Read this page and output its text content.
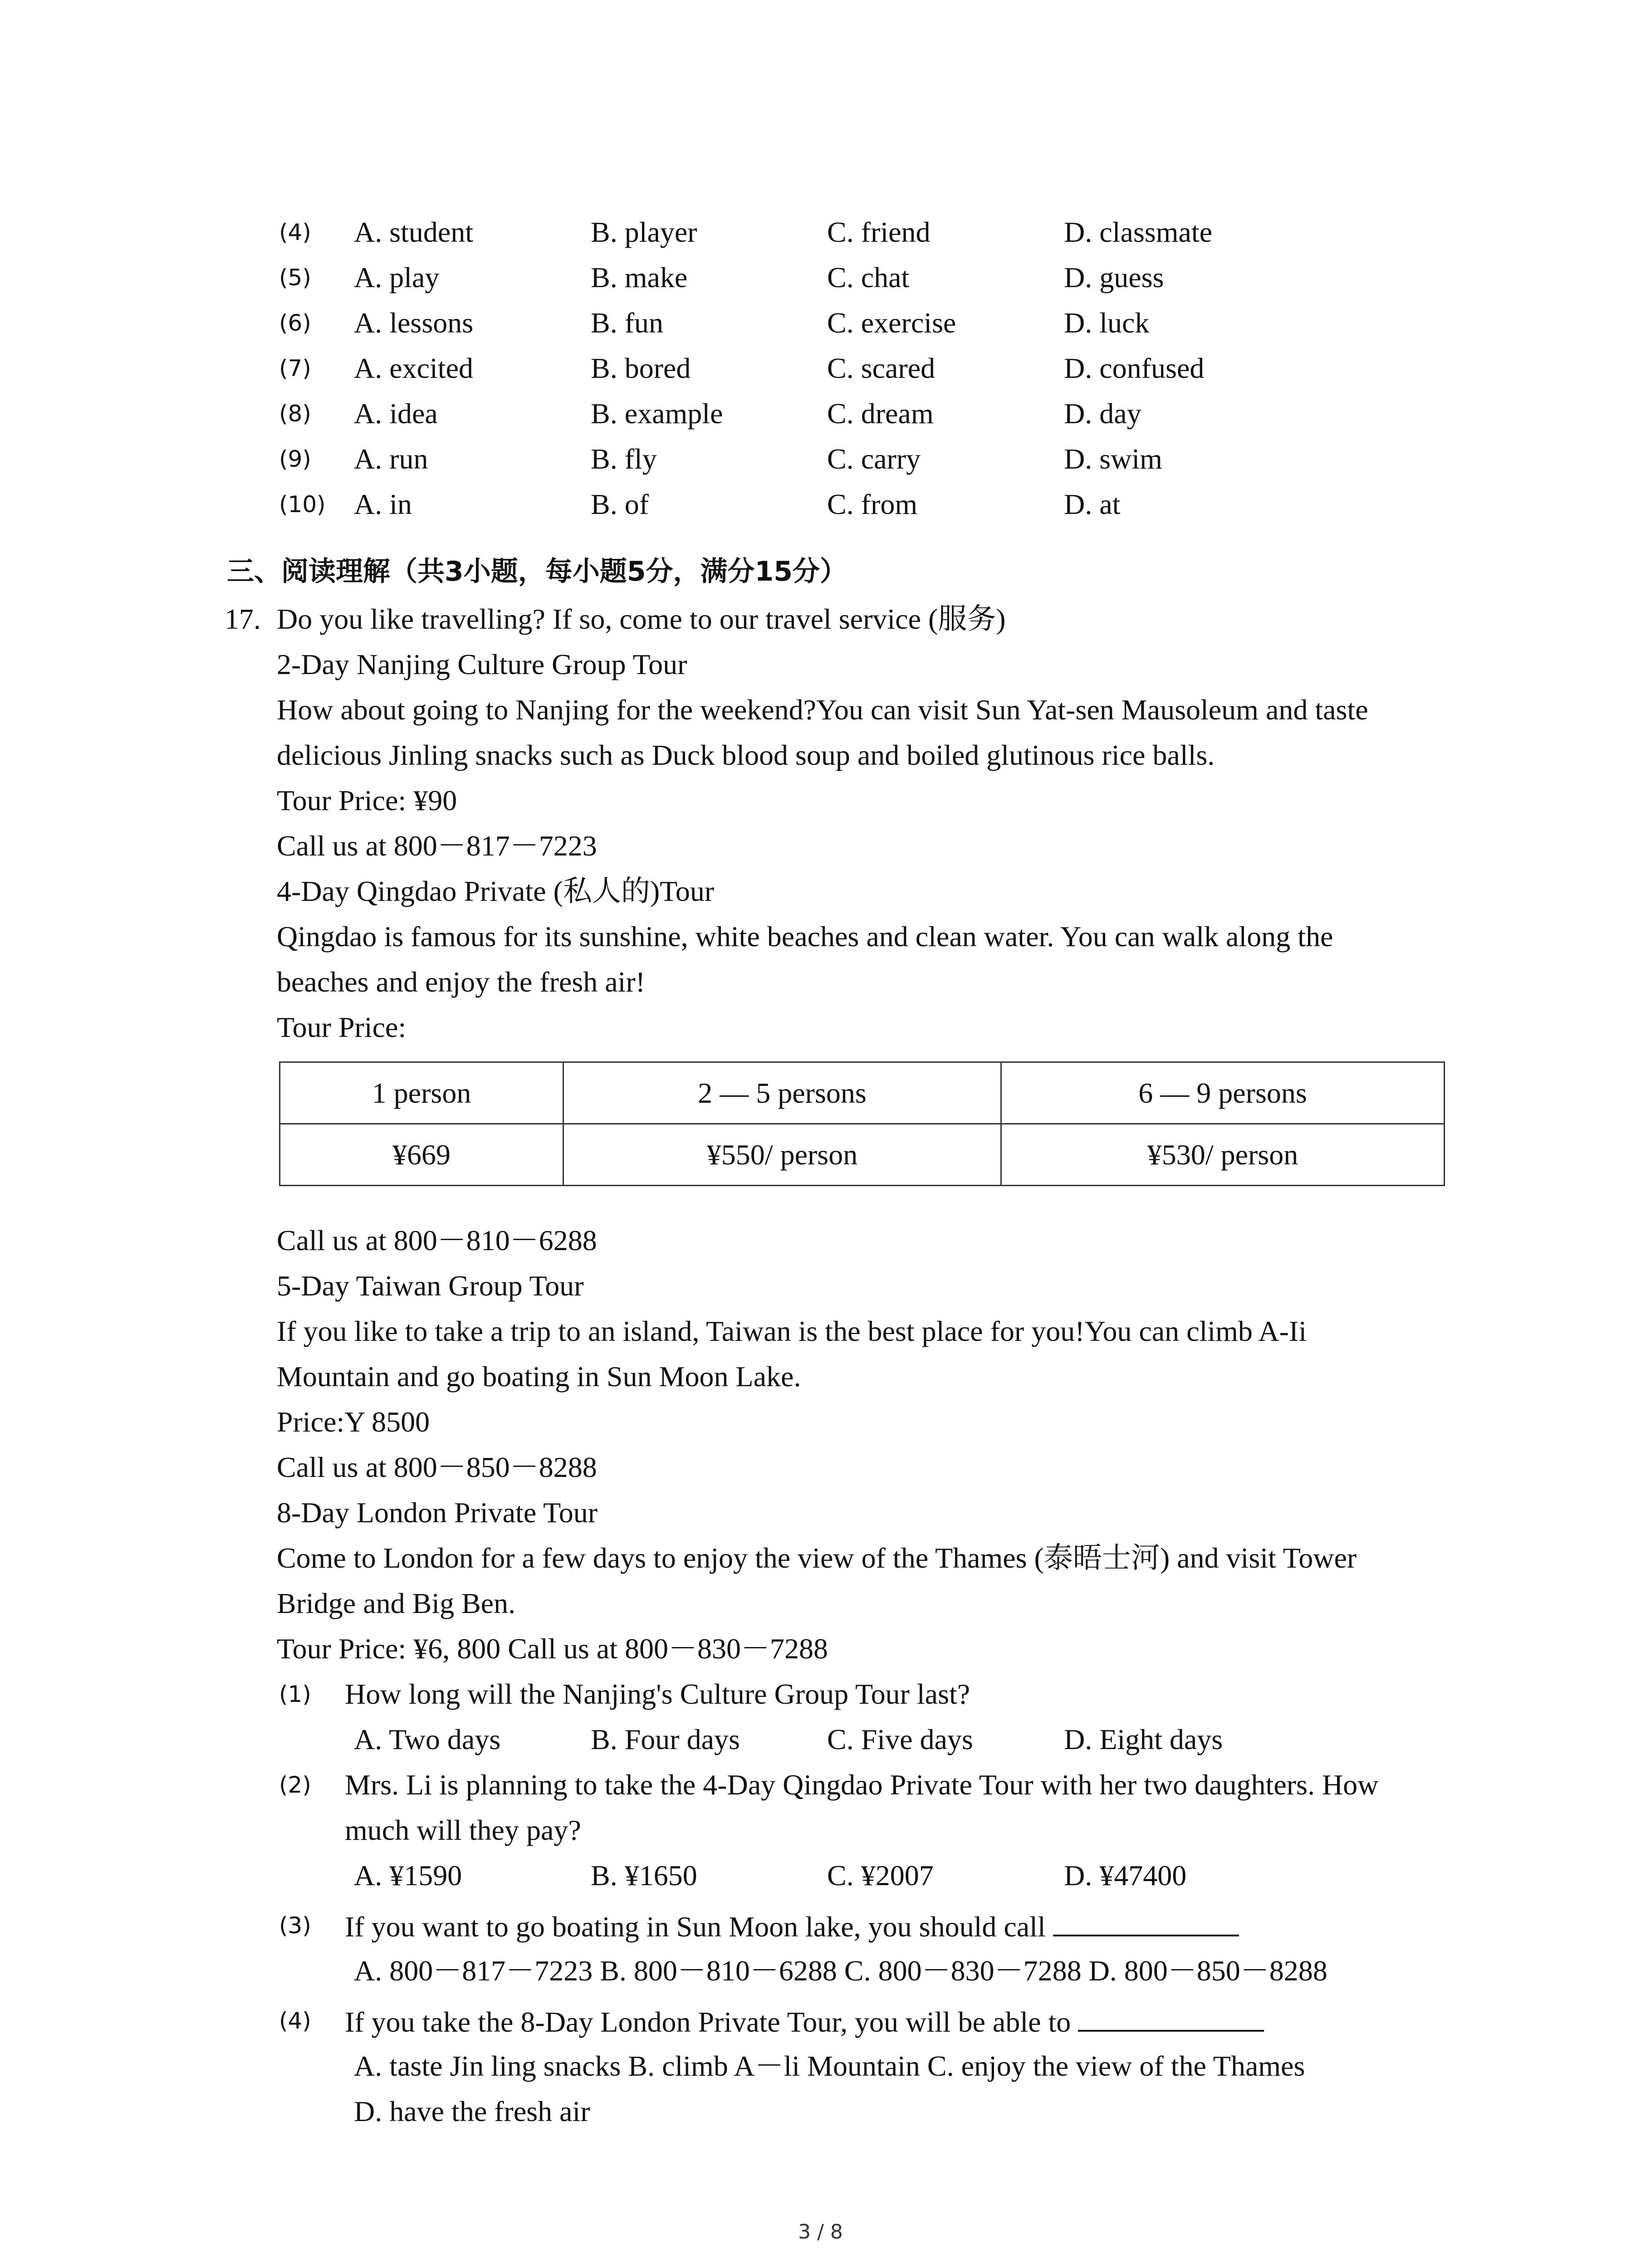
(4) A. student	B. player	C. friend	D. classmate
(5) A. play	B. make	C. chat	D. guess
(6) A. lessons	B. fun	C. exercise	D. luck
(7) A. excited	B. bored	C. scared	D. confused
(8) A. idea	B. example	C. dream	D. day
(9) A. run	B. fly	C. carry	D. swim
(10) A. in	B. of	C. from	D. at
三、阅读理解（共3小题，每小题5分，满分15分）
17. Do you like travelling? If so, come to our travel service (服务)
2-Day Nanjing Culture Group Tour
How about going to Nanjing for the weekend?You can visit Sun Yat-sen Mausoleum and taste
delicious Jinling snacks such as Duck blood soup and boiled glutinous rice balls.
Tour Price: ¥90
Call us at 800－817－7223
4-Day Qingdao Private (私人的)Tour
Qingdao is famous for its sunshine, white beaches and clean water. You can walk along the
beaches and enjoy the fresh air!
Tour Price:
1 person	2 — 5 persons	6 — 9 persons
¥669	¥550/ person	¥530/ person
Call us at 800－810－6288
5-Day Taiwan Group Tour
If you like to take a trip to an island, Taiwan is the best place for you!You can climb A-Ii
Mountain and go boating in Sun Moon Lake.
Price:Y 8500
Call us at 800－850－8288
8-Day London Private Tour
Come to London for a few days to enjoy the view of the Thames (泰晤士河) and visit Tower
Bridge and Big Ben.
Tour Price: ¥6, 800 Call us at 800－830－7288
(1) How long will the Nanjing's Culture Group Tour last?
A. Two days	B. Four days	C. Five days	D. Eight days
(2) Mrs. Li is planning to take the 4-Day Qingdao Private Tour with her two daughters. How
much will they pay?
A. ¥1590	B. ¥1650	C. ¥2007	D. ¥47400
(3) If you want to go boating in Sun Moon lake, you should call
A. 800－817－7223 B. 800－810－6288 C. 800－830－7288 D. 800－850－8288
(4) If you take the 8-Day London Private Tour, you will be able to
A. taste Jin ling snacks B. climb A－li Mountain C. enjoy the view of the Thames
D. have the fresh air
3 / 8
